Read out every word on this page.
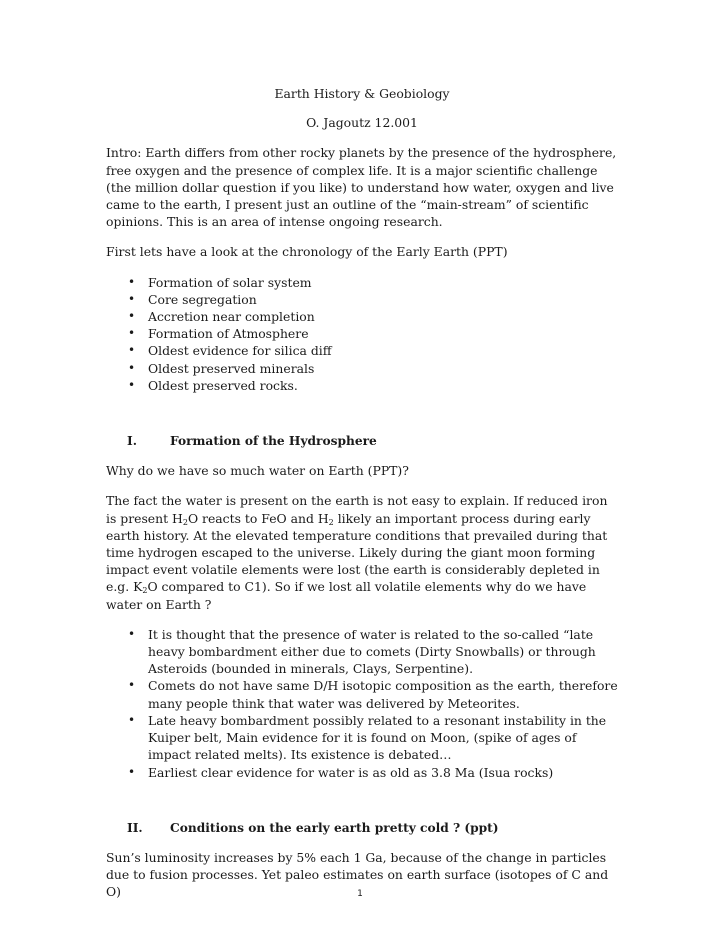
Earth History & Geobiology

O. Jagoutz 12.001

Intro: Earth differs from other rocky planets by the presence of the hydrosphere, free oxygen and the presence of complex life. It is a major scientific challenge (the million dollar question if you like) to understand how water, oxygen and live came to the earth, I present just an outline of the “main-stream” of scientific opinions. This is an area of intense ongoing research.

First lets have a look at the chronology of the Early Earth (PPT)

• Formation of solar system
• Core segregation
• Accretion near completion
• Formation of Atmosphere
• Oldest evidence for silica diff
• Oldest preserved minerals
• Oldest preserved rocks.
I.	Formation of the Hydrosphere

Why do we have so much water on Earth (PPT)?

The fact the water is present on the earth is not easy to explain. If reduced iron is present $H_2O$ reacts to FeO and $H_2$ likely an important process during early earth history. At the elevated temperature conditions that prevailed during that time hydrogen escaped to the universe. Likely during the giant moon forming impact event volatile elements were lost (the earth is considerably depleted in e.g. $K_2O$ compared to C1). So if we lost all volatile elements why do we have water on Earth ?

• It is thought that the presence of water is related to the so-called “late heavy bombardment either due to comets (Dirty Snowballs) or through Asteroids (bounded in minerals, Clays, Serpentine).
• Comets do not have same D/H isotopic composition as the earth, therefore many people think that water was delivered by Meteorites.
• Late heavy bombardment possibly related to a resonant instability in the Kuiper belt, Main evidence for it is found on Moon, (spike of ages of impact related melts). Its existence is debated…
• Earliest clear evidence for water is as old as 3.8 Ma (Isua rocks)
II.	Conditions on the early earth pretty cold ? (ppt)

Sun’s luminosity increases by 5% each 1 Ga, because of the change in particles due to fusion processes. Yet paleo estimates on earth surface (isotopes of C and O)	1
